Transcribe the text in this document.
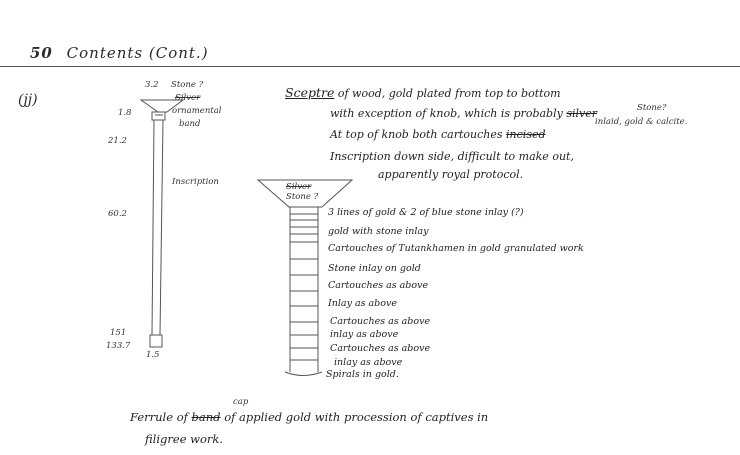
50 Contents (Cont.)
(jj)
3.2 Stone ?
Silver
1.8	ornamental
band
21.2
Inscription
60.2
151
133.7
1.5
Silver
Stone ?
Sceptre of wood, gold plated from top to bottom
Stone?
with exception of knob, which is probably silver
inlaid, gold & calcite.
At top of knob both cartouches incised
Inscription down side, difficult to make out,
apparently royal protocol.
3 lines of gold & 2 of blue stone inlay (?)
gold with stone inlay
Cartouches of Tutankhamen in gold granulated work
Stone inlay on gold
Cartouches as above
Inlay as above
Cartouches as above
inlay as above
Cartouches as above
inlay as above
Spirals in gold.
cap
Ferrule of band of applied gold with procession of captives in
filigree work.
